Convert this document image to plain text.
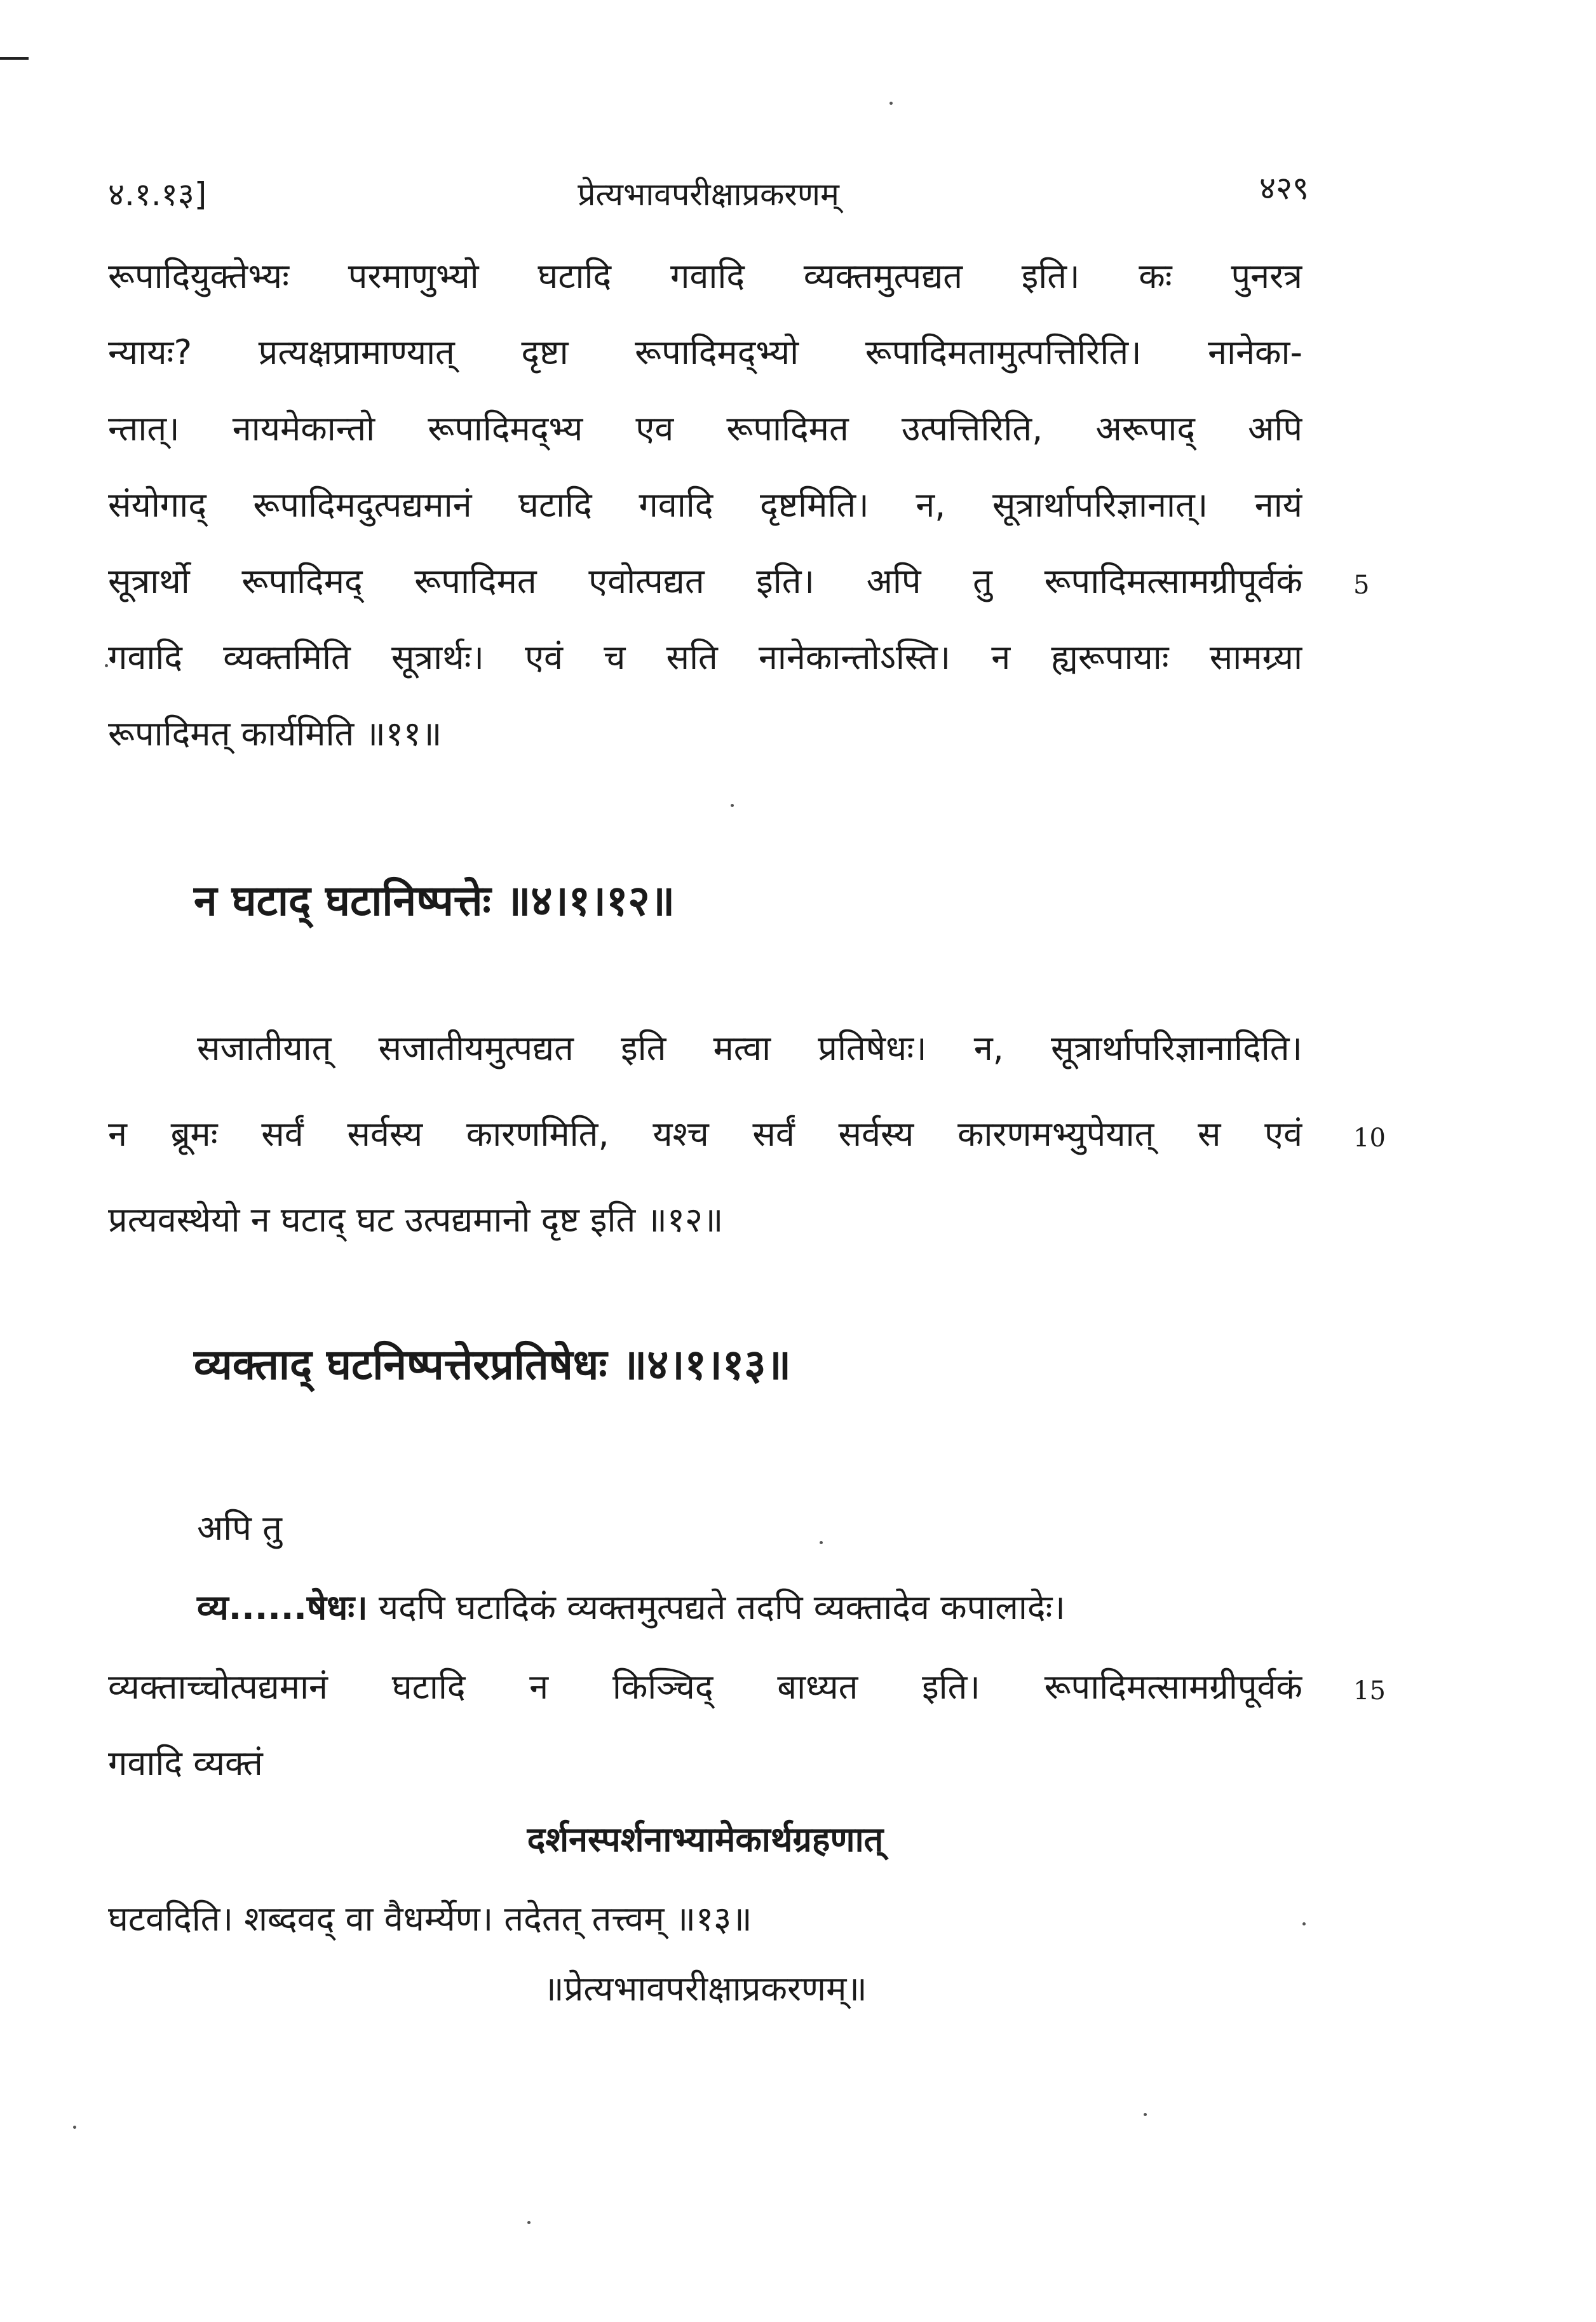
४.१.१३]	प्रेत्यभावपरीक्षाप्रकरणम्	४२९
रूपादियुक्तेभ्यः परमाणुभ्यो घटादि गवादि व्यक्तमुत्पद्यत इति। कः पुनरत्र
न्यायः? प्रत्यक्षप्रामाण्यात् दृष्टा रूपादिमद्भ्यो रूपादिमतामुत्पत्तिरिति। नानेका-
न्तात्। नायमेकान्तो रूपादिमद्भ्य एव रूपादिमत उत्पत्तिरिति, अरूपाद् अपि
संयोगाद् रूपादिमदुत्पद्यमानं घटादि गवादि दृष्टमिति। न, सूत्रार्थापरिज्ञानात्। नायं
सूत्रार्थो रूपादिमद् रूपादिमत एवोत्पद्यत इति। अपि तु रूपादिमत्सामग्रीपूर्वकं 5
गवादि व्यक्तमिति सूत्रार्थः। एवं च सति नानेकान्तोऽस्ति। न ह्यरूपायाः सामग्र्या
रूपादिमत् कार्यमिति ॥११॥
न घटाद् घटानिष्पत्तेः ॥४।१।१२॥
सजातीयात् सजातीयमुत्पद्यत इति मत्वा प्रतिषेधः। न, सूत्रार्थापरिज्ञानादिति।
न ब्रूमः सर्वं सर्वस्य कारणमिति, यश्च सर्वं सर्वस्य कारणमभ्युपेयात् स एवं 10
प्रत्यवस्थेयो न घटाद् घट उत्पद्यमानो दृष्ट इति ॥१२॥
व्यक्ताद् घटनिष्पत्तेरप्रतिषेधः ॥४।१।१३॥
अपि तु
व्य......षेधः। यदपि घटादिकं व्यक्तमुत्पद्यते तदपि व्यक्तादेव कपालादेः।
व्यक्ताच्चोत्पद्यमानं घटादि न किञ्चिद् बाध्यत इति। रूपादिमत्सामग्रीपूर्वकं 15
गवादि व्यक्तं
दर्शनस्पर्शनाभ्यामेकार्थग्रहणात्
घटवदिति। शब्दवद् वा वैधर्म्येण। तदेतत् तत्त्वम् ॥१३॥
॥प्रेत्यभावपरीक्षाप्रकरणम्॥
